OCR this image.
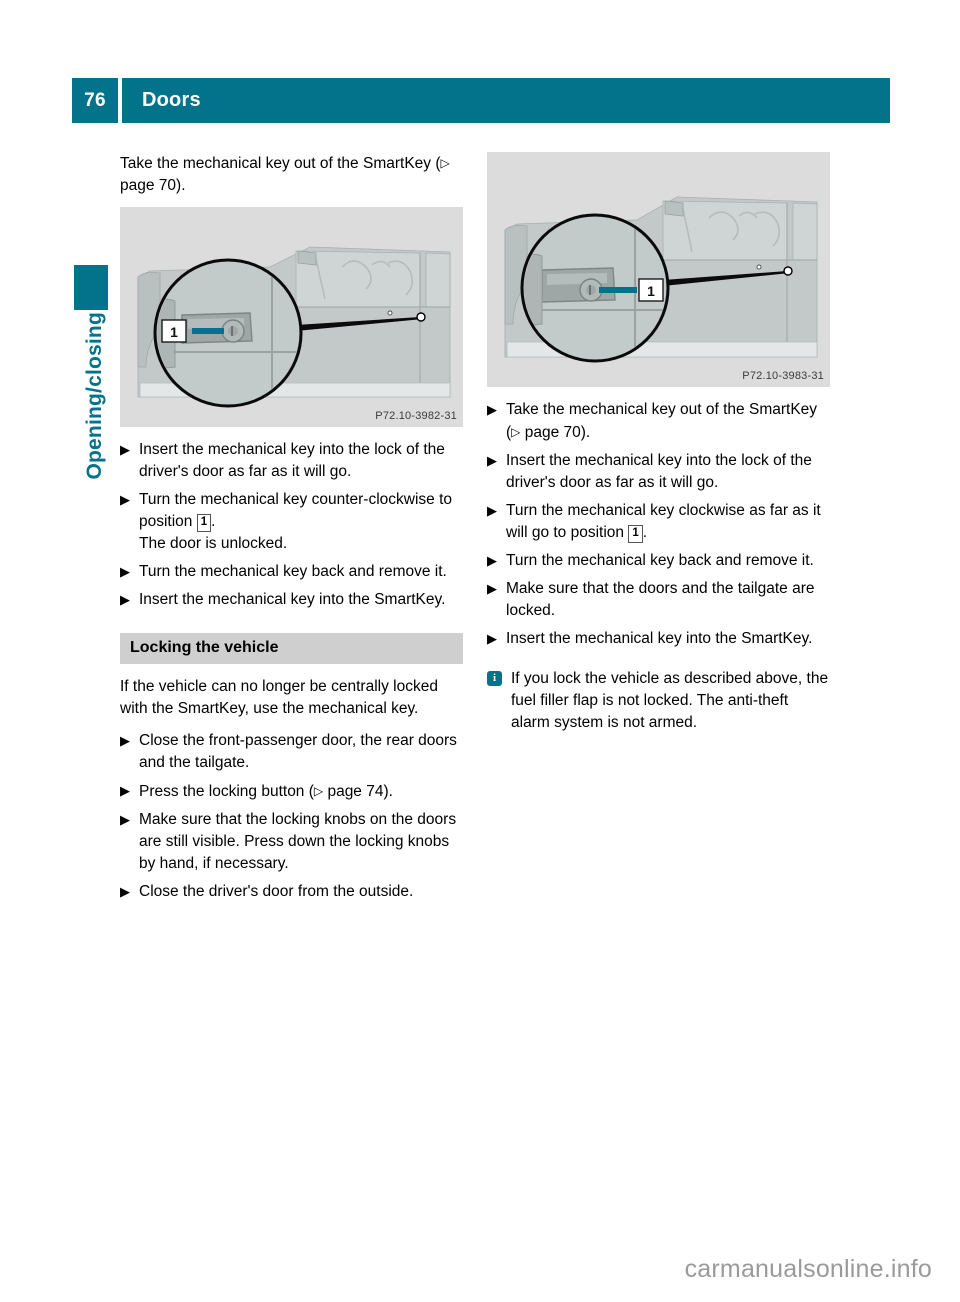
76	Doors
Opening/closing

Take the mechanical key out of the SmartKey (▷ page 70).

1
P72.10-3982-31
▶ Insert the mechanical key into the lock of the driver's door as far as it will go.
▶ Turn the mechanical key counter-clockwise to position 1 .
The door is unlocked.
▶ Turn the mechanical key back and remove it.
▶ Insert the mechanical key into the SmartKey.
Locking the vehicle

If the vehicle can no longer be centrally locked with the SmartKey, use the mechanical key.

▶ Close the front-passenger door, the rear doors and the tailgate.
▶ Press the locking button (▷ page 74).
▶ Make sure that the locking knobs on the doors are still visible. Press down the locking knobs by hand, if necessary.
▶ Close the driver's door from the outside.
1
P72.10-3983-31
▶ Take the mechanical key out of the SmartKey (▷ page 70).
▶ Insert the mechanical key into the lock of the driver's door as far as it will go.
▶ Turn the mechanical key clockwise as far as it will go to position 1 .
▶ Turn the mechanical key back and remove it.
▶ Make sure that the doors and the tailgate are locked.
▶ Insert the mechanical key into the SmartKey.
i If you lock the vehicle as described above, the fuel filler flap is not locked. The anti-theft alarm system is not armed.
carmanualsonline.info
